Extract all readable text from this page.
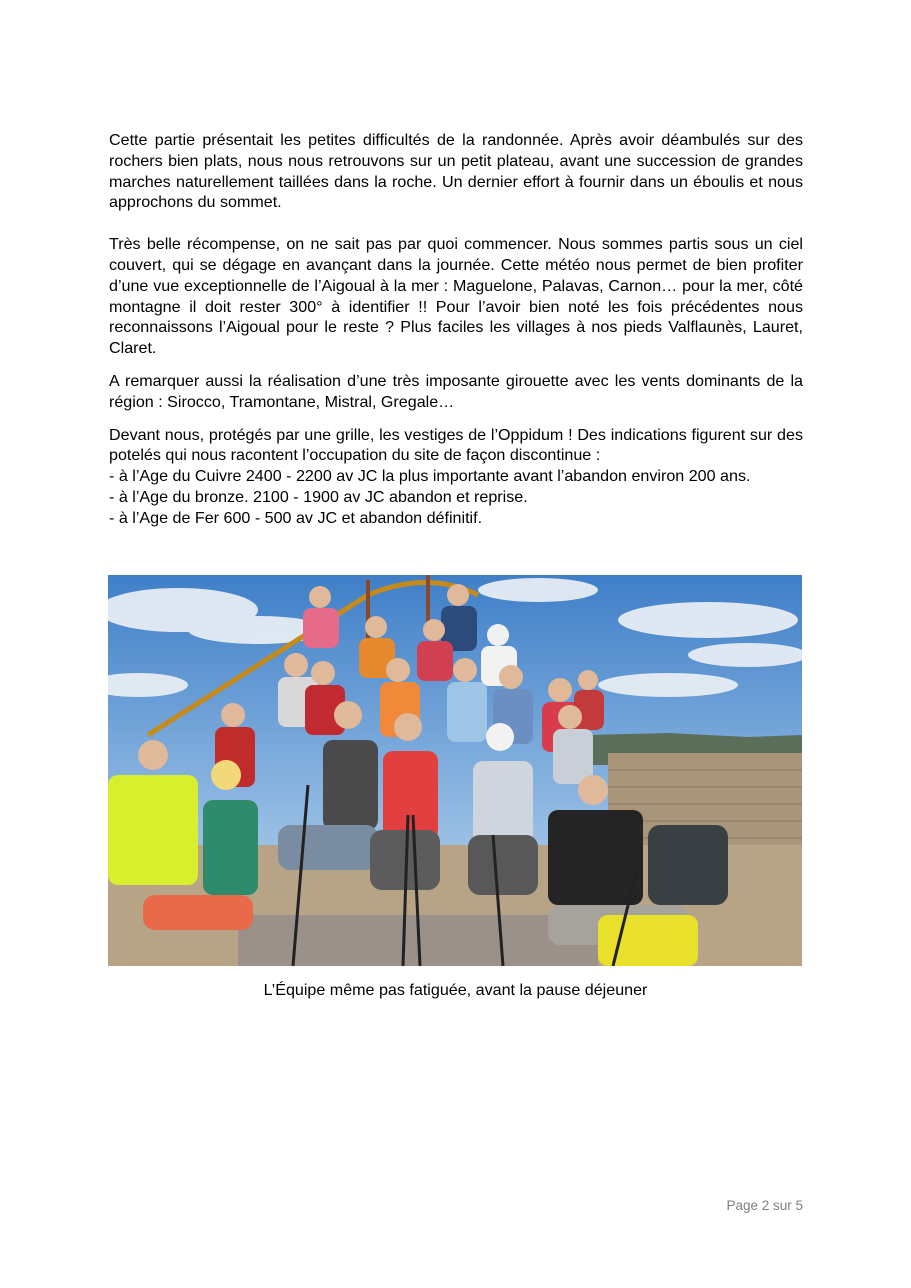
Cette partie présentait les petites difficultés de la randonnée. Après avoir déambulés sur des rochers bien plats, nous nous retrouvons sur un petit plateau, avant une succession de grandes marches naturellement taillées dans la roche. Un dernier effort à fournir dans un éboulis et nous approchons du sommet.

Très belle récompense, on ne sait pas par quoi commencer. Nous sommes partis sous un ciel couvert, qui se dégage en avançant dans la journée. Cette météo nous permet de bien profiter d’une vue exceptionnelle de l’Aigoual à la mer : Maguelone, Palavas, Carnon… pour la mer, côté montagne il doit rester 300° à identifier !! Pour l’avoir bien noté les fois précédentes nous reconnaissons l’Aigoual pour le reste ? Plus faciles les villages à nos pieds Valflaunès, Lauret, Claret.

A remarquer aussi la réalisation d’une très imposante girouette avec les vents dominants de la région : Sirocco, Tramontane, Mistral, Gregale…

Devant nous, protégés par une grille, les vestiges de l’Oppidum ! Des indications figurent sur des potelés qui nous racontent l’occupation du site de façon discontinue :

- à l’Age du Cuivre 2400 - 2200 av JC la plus importante avant l’abandon environ 200 ans.

- à l’Age du bronze. 2100 - 1900 av JC abandon et reprise.

- à l’Age de Fer 600 - 500 av JC et abandon définitif.

L’Équipe même pas fatiguée, avant la pause déjeuner
Page 2 sur 5
